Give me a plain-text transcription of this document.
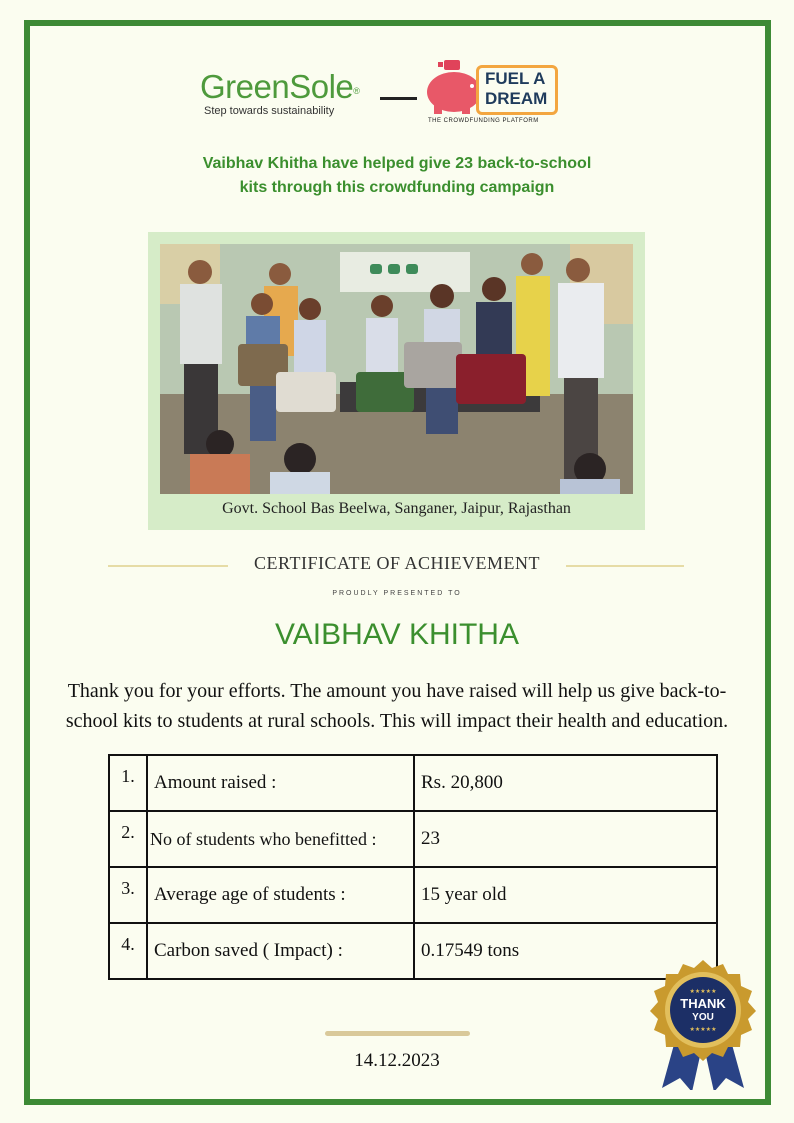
GreenSole®
Step towards sustainability
FUEL A
DREAM
THE CROWDFUNDING PLATFORM
Vaibhav Khitha have helped give 23 back-to-school
kits through this crowdfunding campaign
Govt. School Bas Beelwa, Sanganer, Jaipur, Rajasthan
CERTIFICATE OF ACHIEVEMENT
PROUDLY PRESENTED TO
VAIBHAV KHITHA
Thank you for your efforts. The amount you have raised will help us give back-to-
school kits to students at rural schools. This will impact their health and education.
1.	Amount raised :	Rs. 20,800
2.	No of students who benefitted :	23
3.	Average age of students :	15 year old
4.	Carbon saved ( Impact) :	0.17549 tons
14.12.2023
★★★★★
THANK
YOU
★★★★★
